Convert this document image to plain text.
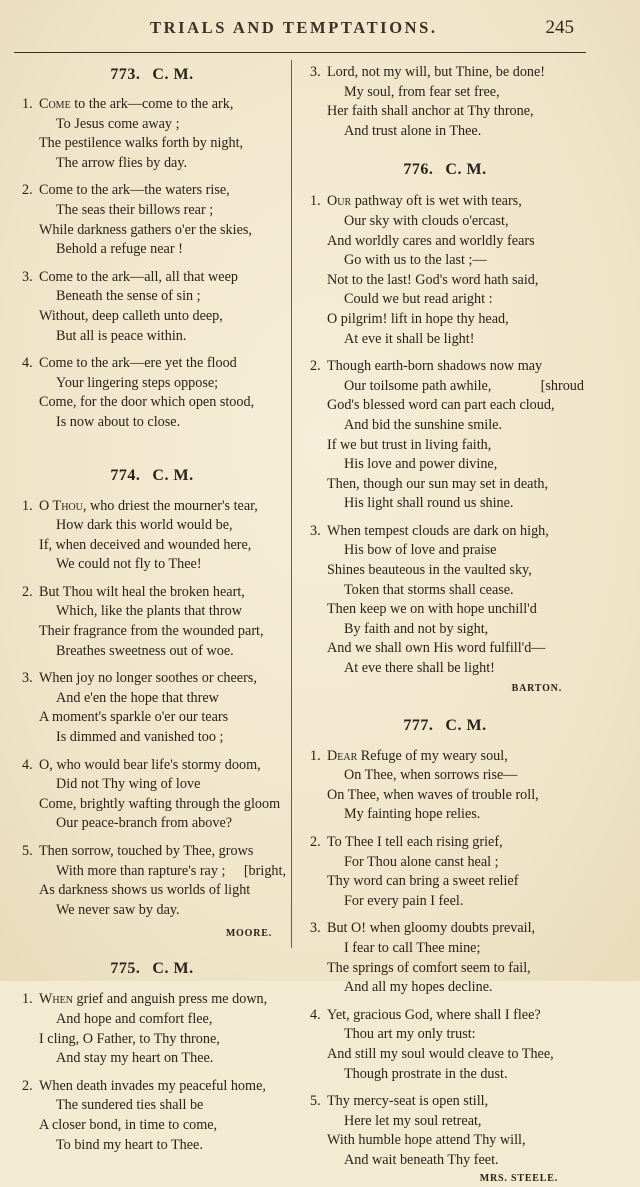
TRIALS AND TEMPTATIONS.	245
773. C. M.
1. Come to the ark—come to the ark,
To Jesus come away ;
The pestilence walks forth by night,
The arrow flies by day.
2. Come to the ark—the waters rise,
The seas their billows rear ;
While darkness gathers o'er the skies,
Behold a refuge near !
3. Come to the ark—all, all that weep
Beneath the sense of sin ;
Without, deep calleth unto deep,
But all is peace within.
4. Come to the ark—ere yet the flood
Your lingering steps oppose;
Come, for the door which open stood,
Is now about to close.
774. C. M.
1. O Thou, who driest the mourner's tear,
How dark this world would be,
If, when deceived and wounded here,
We could not fly to Thee!
2. But Thou wilt heal the broken heart,
Which, like the plants that throw
Their fragrance from the wounded part,
Breathes sweetness out of woe.
3. When joy no longer soothes or cheers,
And e'en the hope that threw
A moment's sparkle o'er our tears
Is dimmed and vanished too ;
4. O, who would bear life's stormy doom,
Did not Thy wing of love
Come, brightly wafting through the gloom
Our peace-branch from above?
5. Then sorrow, touched by Thee, grows
With more than rapture's ray ; [bright,
As darkness shows us worlds of light
We never saw by day.
MOORE.
775. C. M.
1. When grief and anguish press me down,
And hope and comfort flee,
I cling, O Father, to Thy throne,
And stay my heart on Thee.
2. When death invades my peaceful home,
The sundered ties shall be
A closer bond, in time to come,
To bind my heart to Thee.
3. Lord, not my will, but Thine, be done!
My soul, from fear set free,
Her faith shall anchor at Thy throne,
And trust alone in Thee.
776. C. M.
1. Our pathway oft is wet with tears,
Our sky with clouds o'ercast,
And worldly cares and worldly fears
Go with us to the last ;—
Not to the last! God's word hath said,
Could we but read aright :
O pilgrim! lift in hope thy head,
At eve it shall be light!
2. Though earth-born shadows now may
Our toilsome path awhile,	[shroud
God's blessed word can part each cloud,
And bid the sunshine smile.
If we but trust in living faith,
His love and power divine,
Then, though our sun may set in death,
His light shall round us shine.
3. When tempest clouds are dark on high,
His bow of love and praise
Shines beauteous in the vaulted sky,
Token that storms shall cease.
Then keep we on with hope unchill'd
By faith and not by sight,
And we shall own His word fulfill'd—
At eve there shall be light!
BARTON.
777. C. M.
1. Dear Refuge of my weary soul,
On Thee, when sorrows rise—
On Thee, when waves of trouble roll,
My fainting hope relies.
2. To Thee I tell each rising grief,
For Thou alone canst heal ;
Thy word can bring a sweet relief
For every pain I feel.
3. But O! when gloomy doubts prevail,
I fear to call Thee mine;
The springs of comfort seem to fail,
And all my hopes decline.
4. Yet, gracious God, where shall I flee?
Thou art my only trust:
And still my soul would cleave to Thee,
Though prostrate in the dust.
5. Thy mercy-seat is open still,
Here let my soul retreat,
With humble hope attend Thy will,
And wait beneath Thy feet.
MRS. STEELE.
